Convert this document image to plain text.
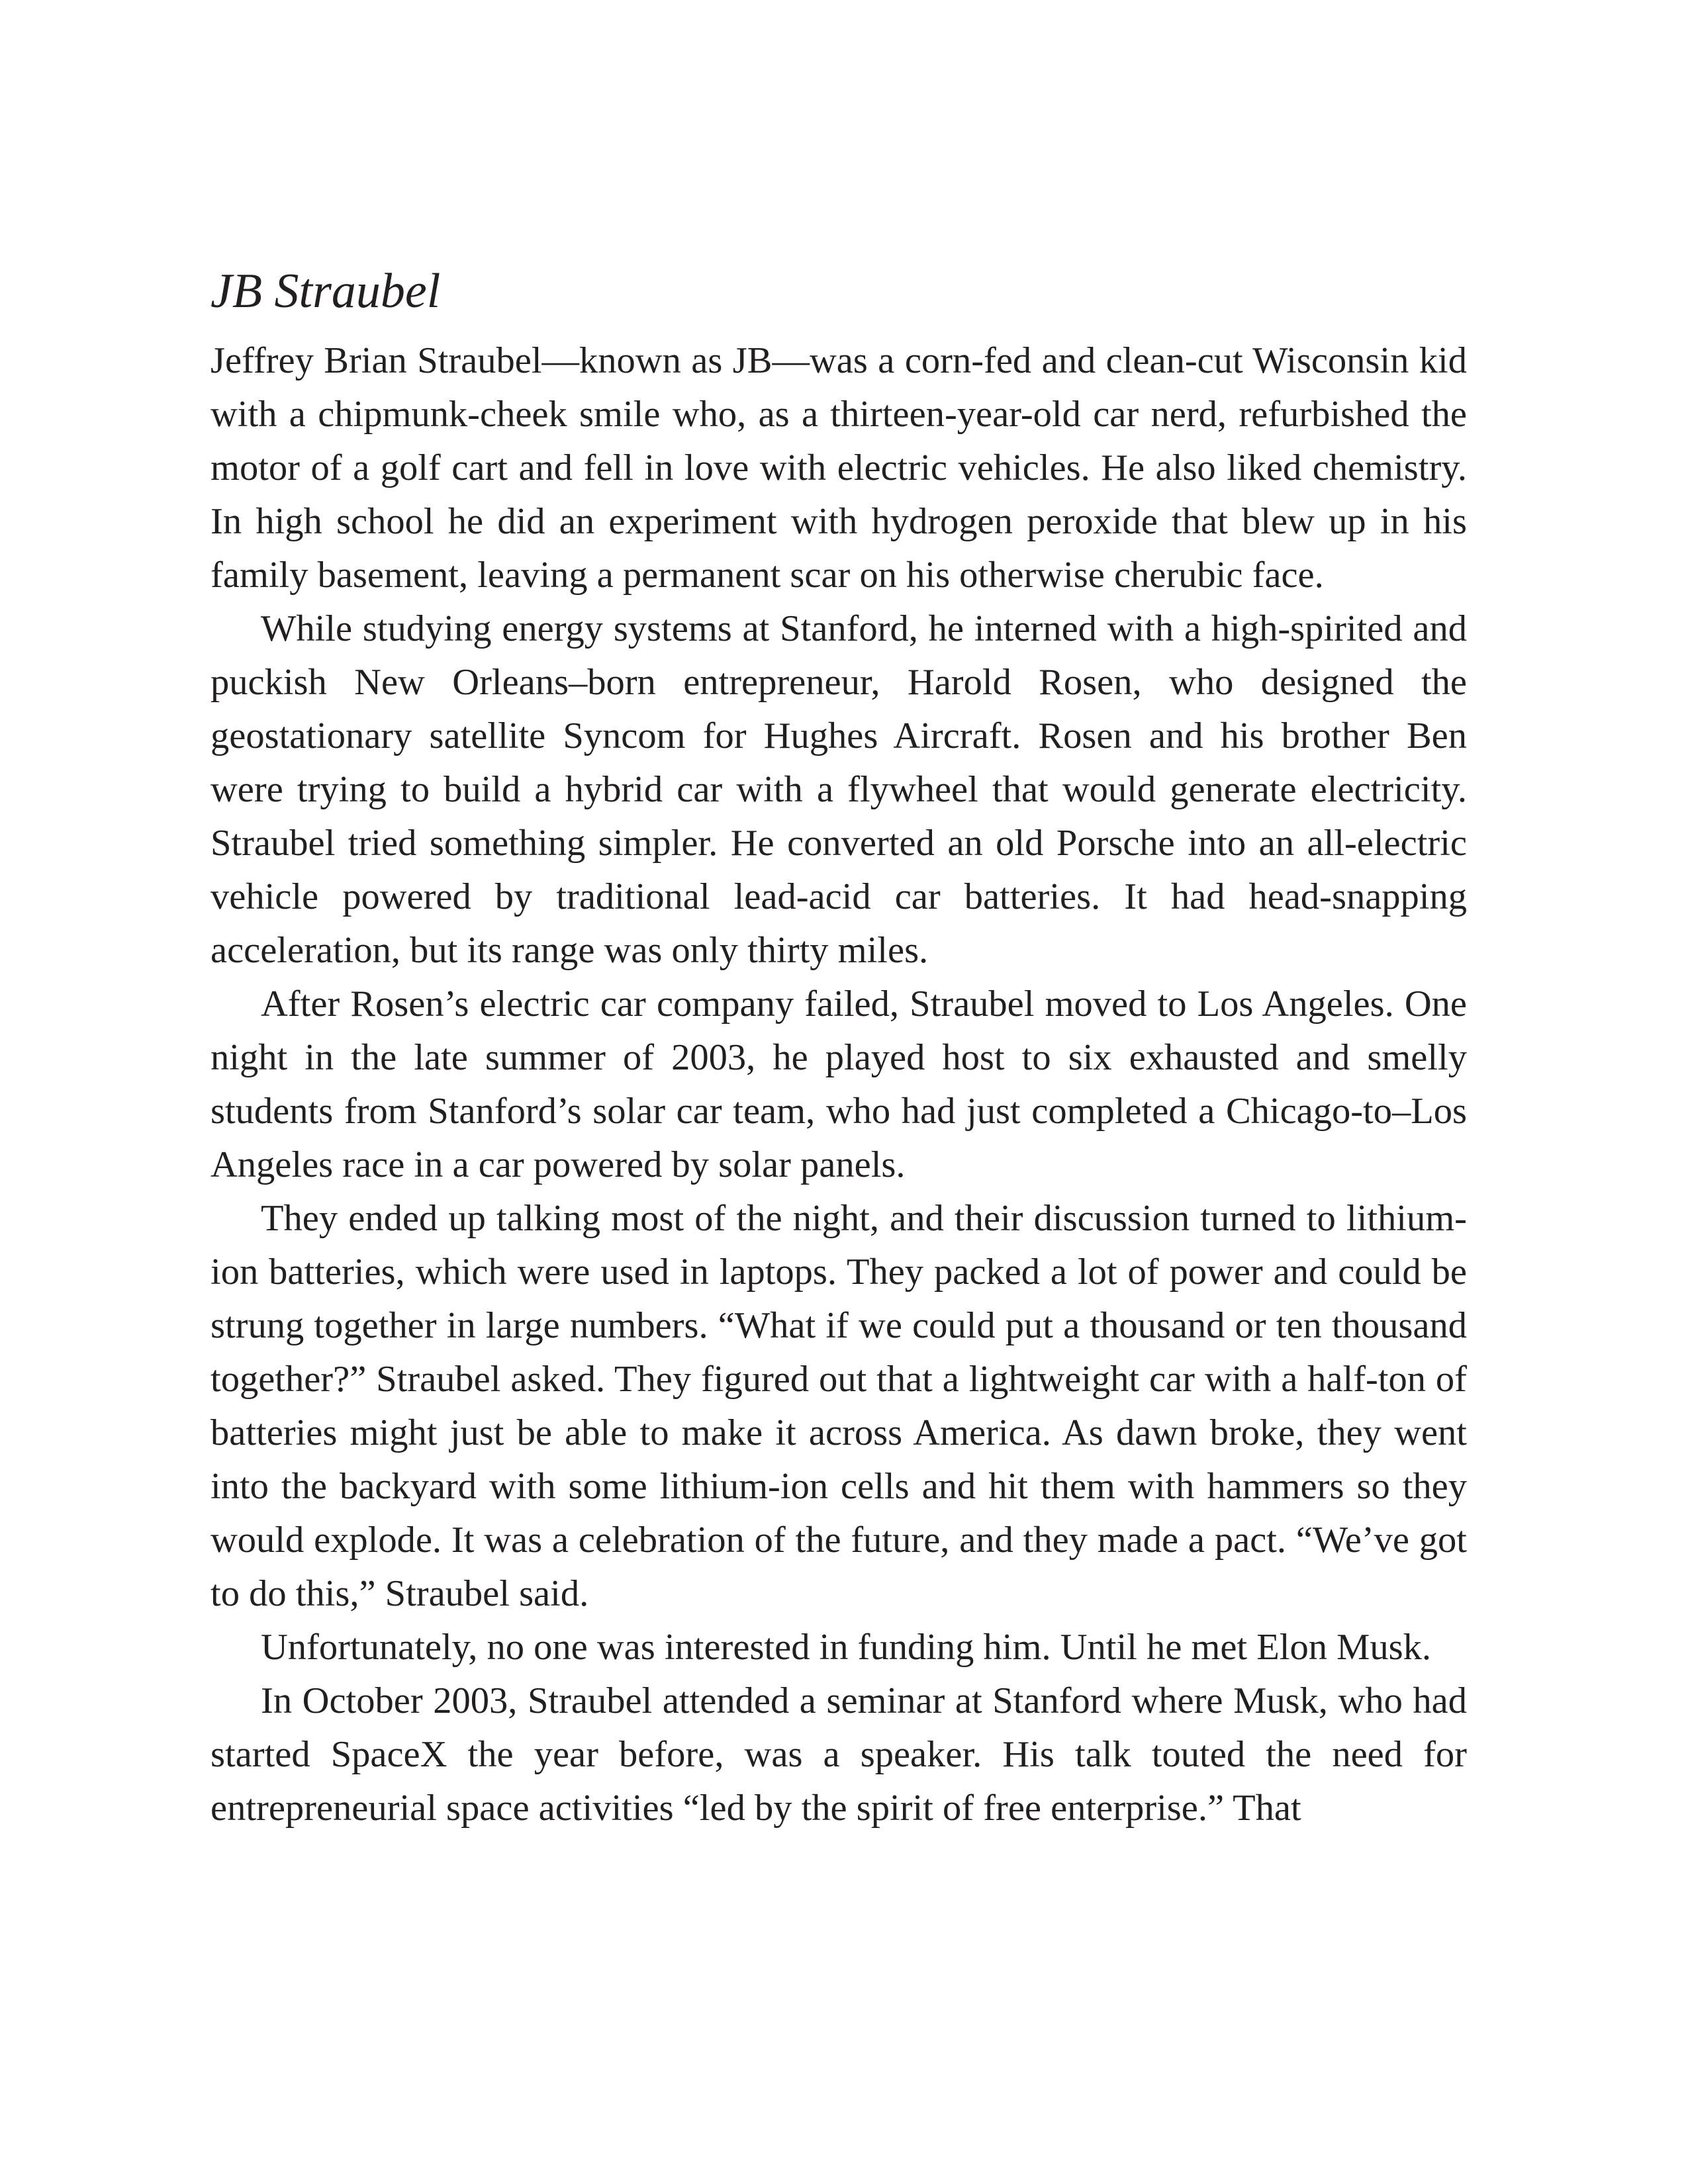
JB Straubel

Jeffrey Brian Straubel—known as JB—was a corn-fed and clean-cut Wisconsin kid with a chipmunk-cheek smile who, as a thirteen-year-old car nerd, refurbished the motor of a golf cart and fell in love with electric vehicles. He also liked chemistry. In high school he did an experiment with hydrogen peroxide that blew up in his family basement, leaving a permanent scar on his otherwise cherubic face.

While studying energy systems at Stanford, he interned with a high-spirited and puckish New Orleans–born entrepreneur, Harold Rosen, who designed the geostationary satellite Syncom for Hughes Aircraft. Rosen and his brother Ben were trying to build a hybrid car with a flywheel that would generate electricity. Straubel tried something simpler. He converted an old Porsche into an all-electric vehicle powered by traditional lead-acid car batteries. It had head-snapping acceleration, but its range was only thirty miles.

After Rosen’s electric car company failed, Straubel moved to Los Angeles. One night in the late summer of 2003, he played host to six exhausted and smelly students from Stanford’s solar car team, who had just completed a Chicago-to–Los Angeles race in a car powered by solar panels.

They ended up talking most of the night, and their discussion turned to lithium-ion batteries, which were used in laptops. They packed a lot of power and could be strung together in large numbers. “What if we could put a thousand or ten thousand together?” Straubel asked. They figured out that a lightweight car with a half-ton of batteries might just be able to make it across America. As dawn broke, they went into the backyard with some lithium-ion cells and hit them with hammers so they would explode. It was a celebration of the future, and they made a pact. “We’ve got to do this,” Straubel said.

Unfortunately, no one was interested in funding him. Until he met Elon Musk.

In October 2003, Straubel attended a seminar at Stanford where Musk, who had started SpaceX the year before, was a speaker. His talk touted the need for entrepreneurial space activities “led by the spirit of free enterprise.” That
